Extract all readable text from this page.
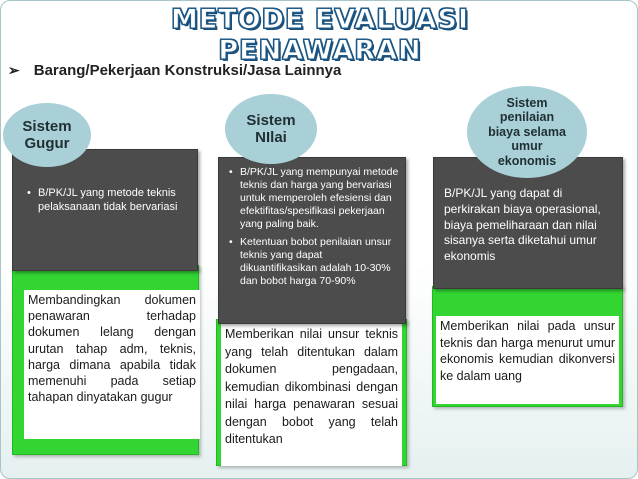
METODE EVALUASI PENAWARAN
➢ Barang/Pekerjaan Konstruksi/Jasa Lainnya
Membandingkan dokumen penawaran terhadap dokumen lelang dengan urutan tahap adm, teknis, harga dimana apabila tidak memenuhi pada setiap tahapan dinyatakan gugur
• B/PK/JL yang metode teknis pelaksanaan tidak bervariasi
Sistem Gugur
Memberikan nilai unsur teknis yang telah ditentukan dalam dokumen pengadaan, kemudian dikombinasi dengan nilai harga penawaran sesuai dengan bobot yang telah ditentukan
• B/PK/JL yang mempunyai metode teknis dan harga yang bervariasi untuk memperoleh efesiensi dan efektifitas/spesifikasi pekerjaan yang paling baik.
• Ketentuan bobot penilaian unsur teknis yang dapat dikuantifikasikan adalah 10-30% dan bobot harga 70-90%
Sistem NIlai
Memberikan nilai pada unsur teknis dan harga menurut umur ekonomis kemudian dikonversi ke dalam uang
B/PK/JL yang dapat di perkirakan biaya operasional, biaya pemeliharaan dan nilai sisanya serta diketahui umur ekonomis
Sistem penilaian biaya selama umur ekonomis
